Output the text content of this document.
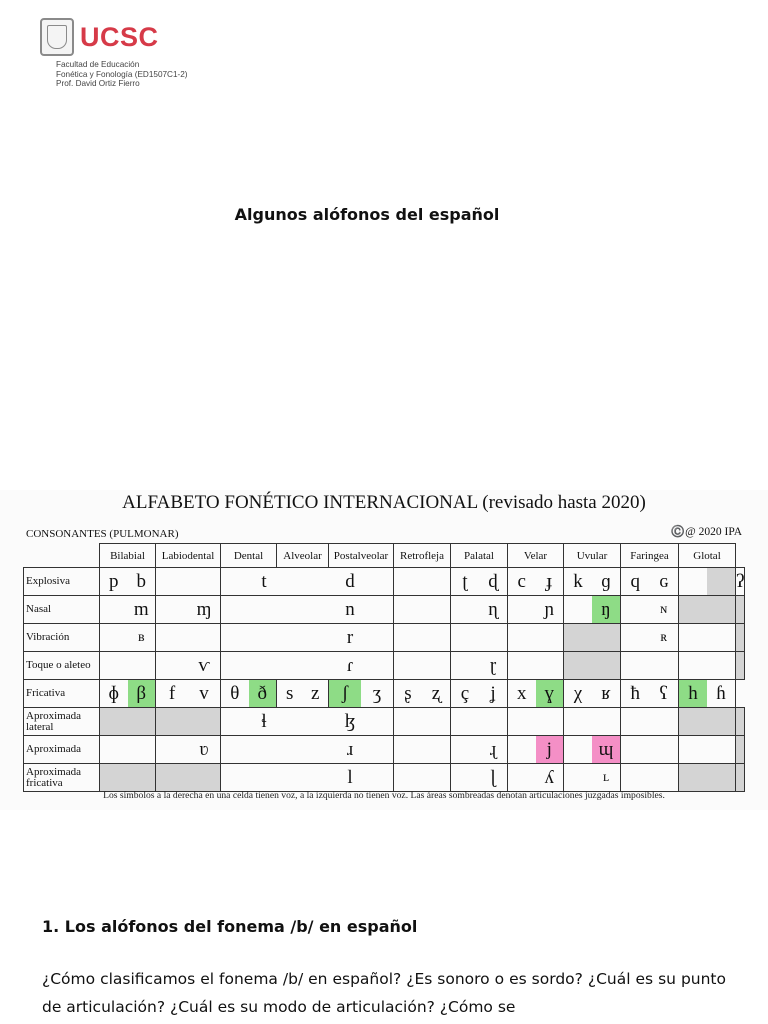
UCSC
Facultad de Educación
Fonética y Fonología (ED1507C1-2)
Prof. David Ortiz Fierro
Algunos alófonos del español
ALFABETO FONÉTICO INTERNACIONAL (revisado hasta 2020)
CONSONANTES (PULMONAR)	©️️@ 2020 IPA
	Bilabial	Labiodental	Dental	Alveolar	Postalveolar	Retrofleja	Palatal	Velar	Uvular	Faringea	Glotal	
Explosiva	p b		t d				ʈ ɖ	c ɟ	k ɡ	q ɢ		ʔ

Nasal	m	ɱ	n				ɳ	ɲ	ŋ	ɴ		

Vibración	ʙ		r							ʀ		

Toque o aleteo		ⱱ	ɾ				ɽ					

Fricativa	ɸ β	f v	θ ð	s z	ʃ ʒ	ʂ ʐ	ç ʝ	x ɣ	χ ʁ	ħ ʕ	h ɦ	

Aproximada lateral			ɬ ɮ									

Aproximada		ʋ	ɹ				ɻ	j	ɰ			

Aproximada fricativa			l				ɭ	ʎ	ʟ			

Los símbolos a la derecha en una celda tienen voz, a la izquierda no tienen voz. Las áreas sombreadas denotan articulaciones juzgadas imposibles.
1. Los alófonos del fonema /b/ en español
¿Cómo clasificamos el fonema /b/ en español? ¿Es sonoro o es sordo? ¿Cuál es su punto de articulación? ¿Cuál es su modo de articulación? ¿Cómo se
